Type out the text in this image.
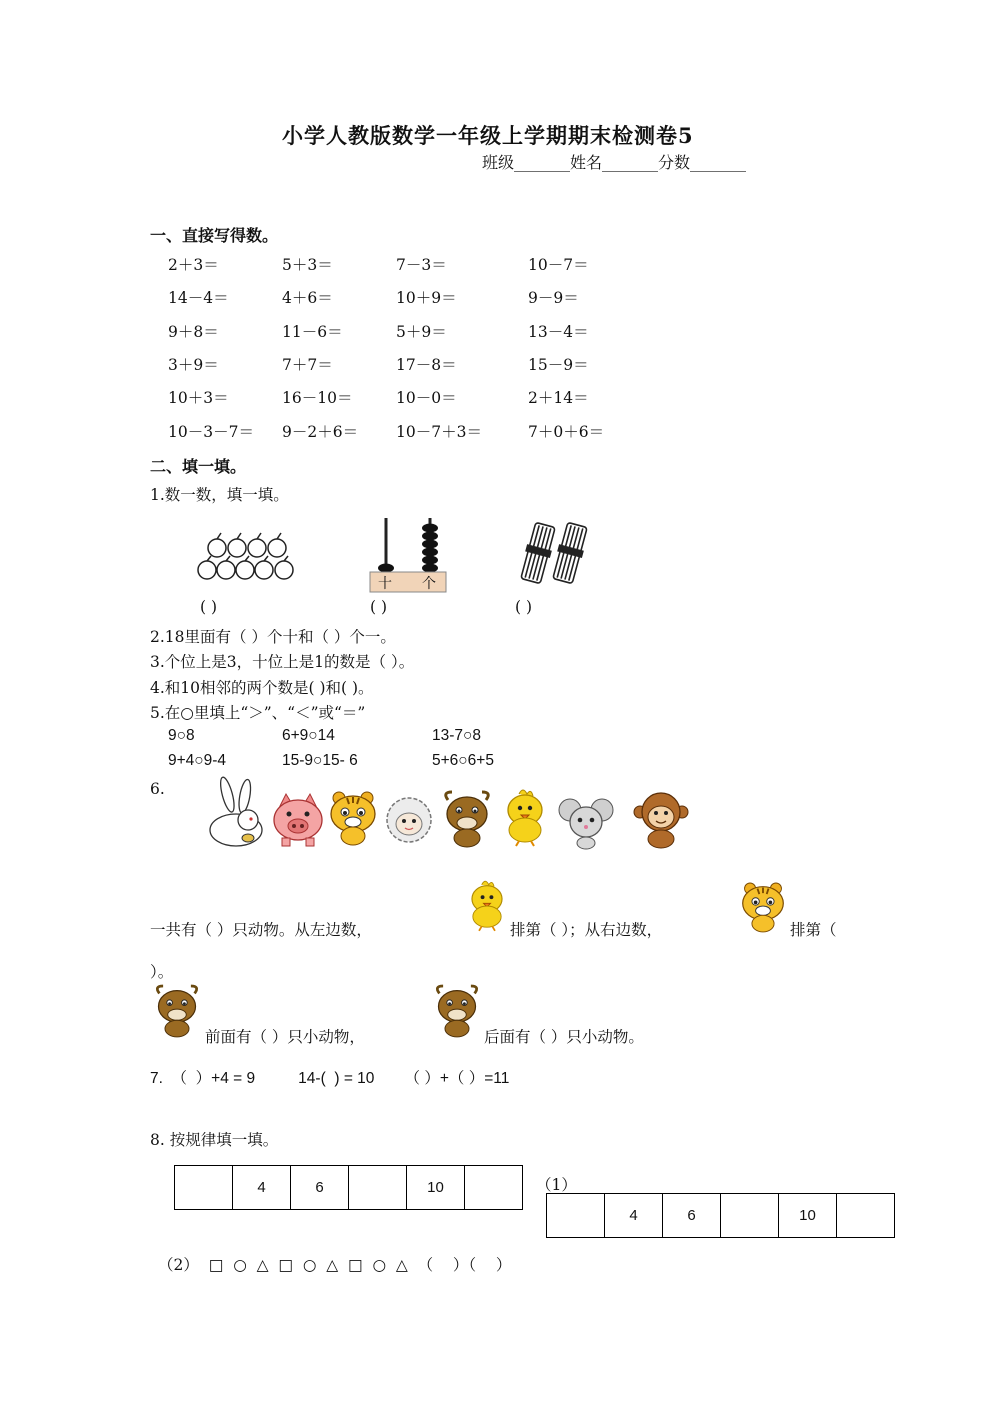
小学人教版数学一年级上学期期末检测卷5
班级_______姓名_______分数_______
一、直接写得数。
2＋3＝	5＋3＝	7－3＝	10－7＝
14－4＝	4＋6＝	10＋9＝	9－9＝
9＋8＝	11－6＝	5＋9＝	13－4＝
3＋9＝	7＋7＝	17－8＝	15－9＝
10＋3＝	16－10＝	10－0＝	2＋14＝
10－3－7＝ 9－2＋6＝ 10－7＋3＝	7＋0＋6＝
二、填一填。
1.数一数，填一填。
十 个
( )	( )	( )
2.18里面有（ ）个十和（ ）个一。
3.个位上是3，十位上是1的数是（ ）。
4.和10相邻的两个数是( )和( )。
5.在○里填上“＞”、“＜”或“＝”
9○8	6+9○14	13-7○8
9+4○9-4	15-9○15- 6	5+6○6+5
6.
一共有（ ）只动物。从左边数，	排第（ ）；从右边数，	排第（
）。
前面有（ ）只小动物，	后面有（ ）只小动物。
7.  （  ）+4 = 9          14-(  ) = 10       （ ）+（ ）=11
8. 按规律填一填。
	4	6		10		（1）
	4	6		10	
（2）  □  ○  △  □  ○  △  □  ○  △  （    ）（    ）
